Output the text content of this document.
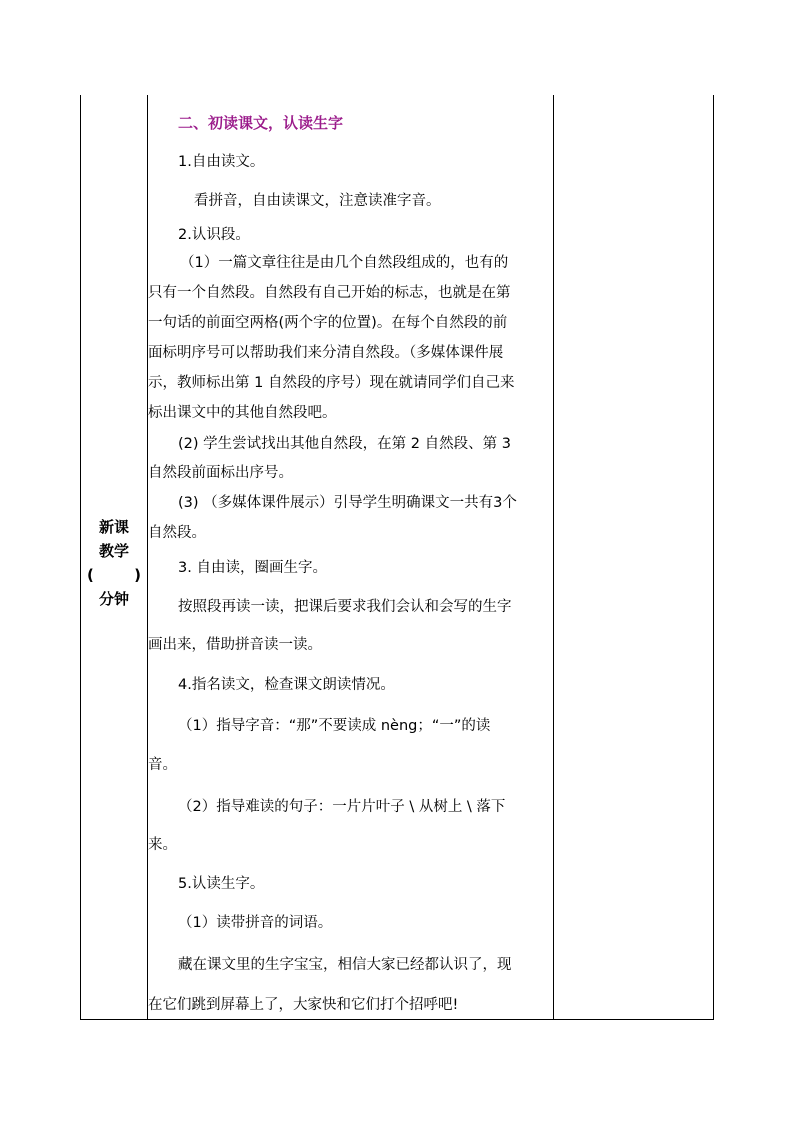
新课
教学
(	)
分钟
二、初读课文，认读生字
1.自由读文。
看拼音，自由读课文，注意读准字音。
2.认识段。
（1）一篇文章往往是由几个自然段组成的，也有的
只有一个自然段。自然段有自己开始的标志，也就是在第
一句话的前面空两格(两个字的位置)。在每个自然段的前
面标明序号可以帮助我们来分清自然段。（多媒体课件展
示，教师标出第 1 自然段的序号）现在就请同学们自己来
标出课文中的其他自然段吧。
(2) 学生尝试找出其他自然段，在第 2 自然段、第 3
自然段前面标出序号。
(3) （多媒体课件展示）引导学生明确课文一共有3个
自然段。
3. 自由读，圈画生字。
按照段再读一读，把课后要求我们会认和会写的生字
画出来，借助拼音读一读。
4.指名读文，检查课文朗读情况。
（1）指导字音：“那”不要读成 nèng；“一”的读
音。
（2）指导难读的句子：一片片叶子 \ 从树上 \ 落下
来。
5.认读生字。
（1）读带拼音的词语。
藏在课文里的生字宝宝，相信大家已经都认识了，现
在它们跳到屏幕上了，大家快和它们打个招呼吧!
